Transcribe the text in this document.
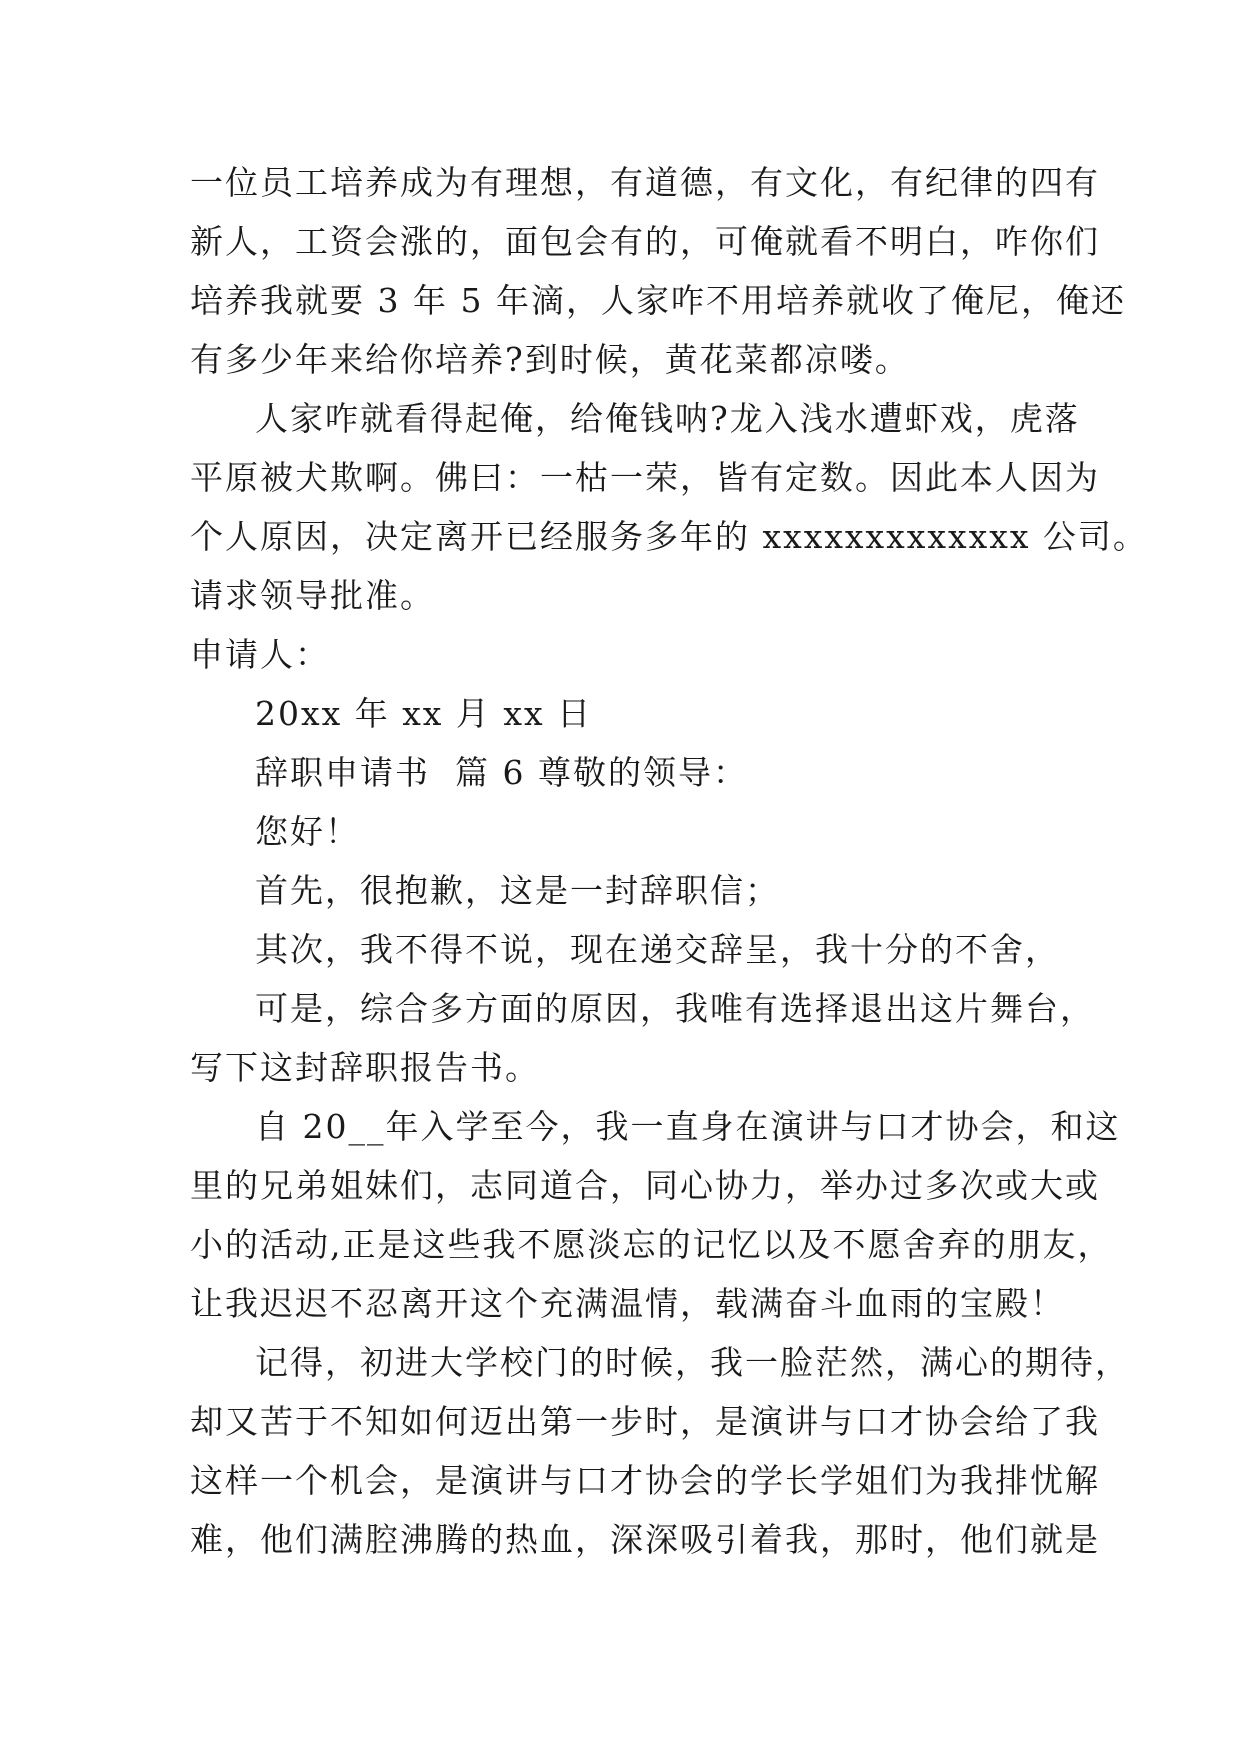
一位员工培养成为有理想，有道德，有文化，有纪律的四有
新人，工资会涨的，面包会有的，可俺就看不明白，咋你们
培养我就要 3 年 5 年滴，人家咋不用培养就收了俺尼，俺还
有多少年来给你培养?到时候，黄花菜都凉喽。
人家咋就看得起俺，给俺钱呐?龙入浅水遭虾戏，虎落
平原被犬欺啊。佛曰：一枯一荣，皆有定数。因此本人因为
个人原因，决定离开已经服务多年的 xxxxxxxxxxxxx 公司。
请求领导批准。
申请人：
20xx 年 xx 月 xx 日
辞职申请书  篇 6 尊敬的领导：
您好！
首先，很抱歉，这是一封辞职信；
其次，我不得不说，现在递交辞呈，我十分的不舍，
可是，综合多方面的原因，我唯有选择退出这片舞台，
写下这封辞职报告书。
自 20__年入学至今，我一直身在演讲与口才协会，和这
里的兄弟姐妹们，志同道合，同心协力，举办过多次或大或
小的活动,正是这些我不愿淡忘的记忆以及不愿舍弃的朋友，
让我迟迟不忍离开这个充满温情，载满奋斗血雨的宝殿！
记得，初进大学校门的时候，我一脸茫然，满心的期待，
却又苦于不知如何迈出第一步时，是演讲与口才协会给了我
这样一个机会，是演讲与口才协会的学长学姐们为我排忧解
难，他们满腔沸腾的热血，深深吸引着我，那时，他们就是
